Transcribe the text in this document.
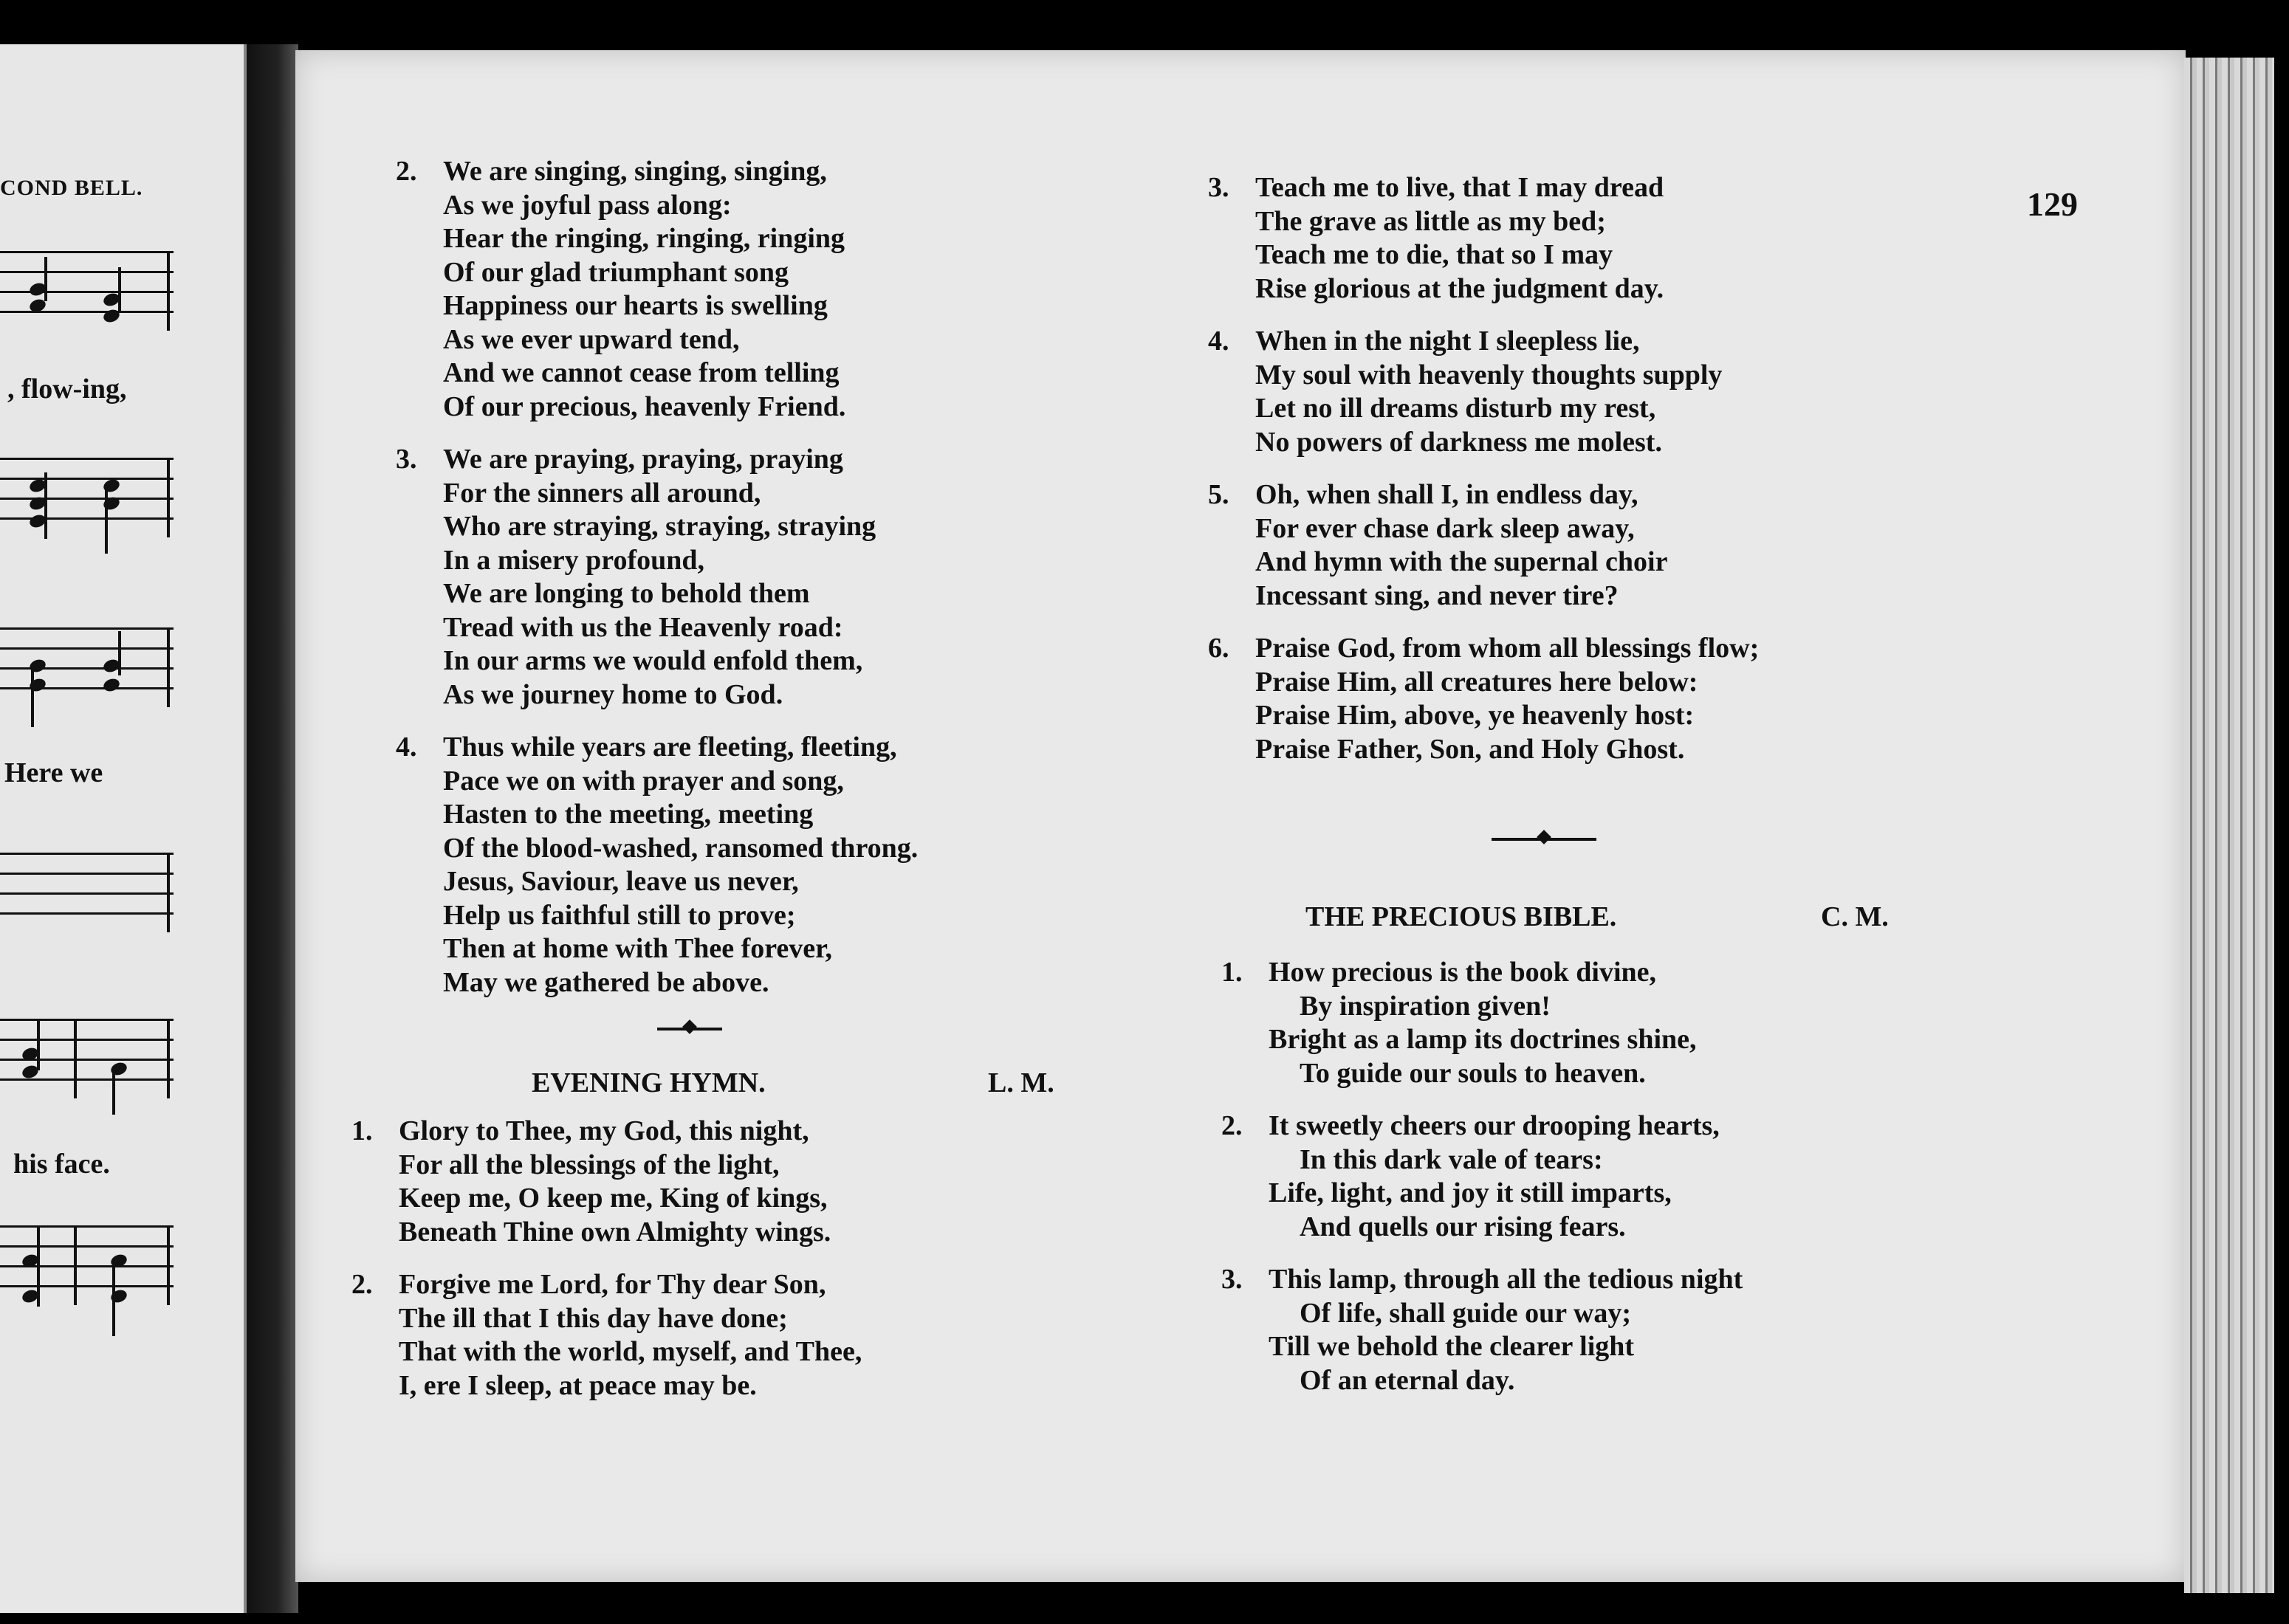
COND BELL.
, flow-ing,
Here we
his face.
129
2. We are singing, singing, singing,
As we joyful pass along:
Hear the ringing, ringing, ringing
Of our glad triumphant song
Happiness our hearts is swelling
As we ever upward tend,
And we cannot cease from telling
Of our precious, heavenly Friend.
3. We are praying, praying, praying
For the sinners all around,
Who are straying, straying, straying
In a misery profound,
We are longing to behold them
Tread with us the Heavenly road:
In our arms we would enfold them,
As we journey home to God.
4. Thus while years are fleeting, fleeting,
Pace we on with prayer and song,
Hasten to the meeting, meeting
Of the blood-washed, ransomed throng.
Jesus, Saviour, leave us never,
Help us faithful still to prove;
Then at home with Thee forever,
May we gathered be above.
EVENING HYMN.	L. M.
1. Glory to Thee, my God, this night,
For all the blessings of the light,
Keep me, O keep me, King of kings,
Beneath Thine own Almighty wings.
2. Forgive me Lord, for Thy dear Son,
The ill that I this day have done;
That with the world, myself, and Thee,
I, ere I sleep, at peace may be.
3. Teach me to live, that I may dread
The grave as little as my bed;
Teach me to die, that so I may
Rise glorious at the judgment day.
4. When in the night I sleepless lie,
My soul with heavenly thoughts supply
Let no ill dreams disturb my rest,
No powers of darkness me molest.
5. Oh, when shall I, in endless day,
For ever chase dark sleep away,
And hymn with the supernal choir
Incessant sing, and never tire?
6. Praise God, from whom all blessings flow;
Praise Him, all creatures here below:
Praise Him, above, ye heavenly host:
Praise Father, Son, and Holy Ghost.
THE PRECIOUS BIBLE.	C. M.
1. How precious is the book divine,
By inspiration given!
Bright as a lamp its doctrines shine,
To guide our souls to heaven.
2. It sweetly cheers our drooping hearts,
In this dark vale of tears:
Life, light, and joy it still imparts,
And quells our rising fears.
3. This lamp, through all the tedious night
Of life, shall guide our way;
Till we behold the clearer light
Of an eternal day.
